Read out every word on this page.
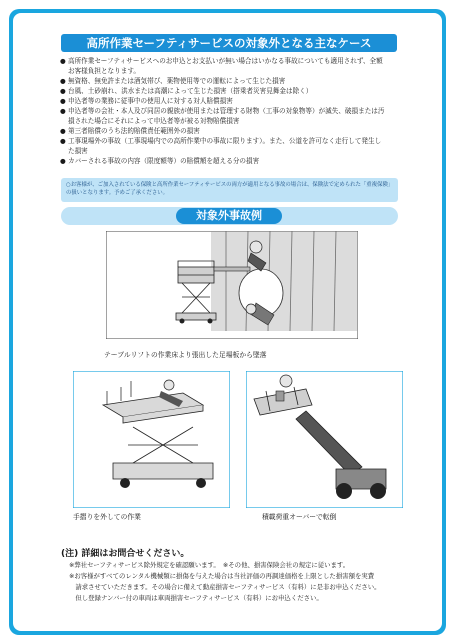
高所作業セーフティサービスの対象外となる主なケース
● 高所作業セーフティサービスへのお申込とお支払いが無い場合はいかなる事故についても適用されず、全額
お客様負担となります。
● 無資格、無免許または酒気帯び、薬物使用等での運転によって生じた損害
● 台風、土砂崩れ、洪水または高潮によって生じた損害（搭乗者災害見舞金は除く）
● 申込者等の業務に従事中の使用人に対する対人賠償損害
● 申込者等の会社・本人及び同居の親族が使用または管理する財物（工事の対象物等）が滅失、破損または汚
損された場合にそれによって申込者等が被る対物賠償損害
● 第三者賠償のうち法的賠償責任範囲外の損害
● 工事現場外の事故（工事現場内での高所作業中の事故に限ります）。また、公道を許可なく走行して発生し
た損害
● カバーされる事故の内容（限度額等）の賠償額を超える分の損害
○お客様が、ご加入されている保険と高所作業セーフティサービスの両方が適用となる事故の場合は、保険法で定められた「重複保険」の扱いとなります。予めご了承ください。
対象外事故例
テーブルリフトの作業床より張出した足場板から墜落
手摺りを外しての作業	積載荷重オーバーで転倒
(注) 詳細はお問合せください。
※弊社セーフティサービス除外規定を確認願います。　※その他、損害保険会社の規定に従います。
※お客様がすべてのレンタル機械類に損傷を与えた場合は当社評価の再調達価格を上限とした損害額を実費
　請求させていただきます。その場合に備えて動産損害セーフティサービス（有料）に是非お申込ください。
　但し登録ナンバー付の車両は車両損害セーフティサービス（有料）にお申込ください。
